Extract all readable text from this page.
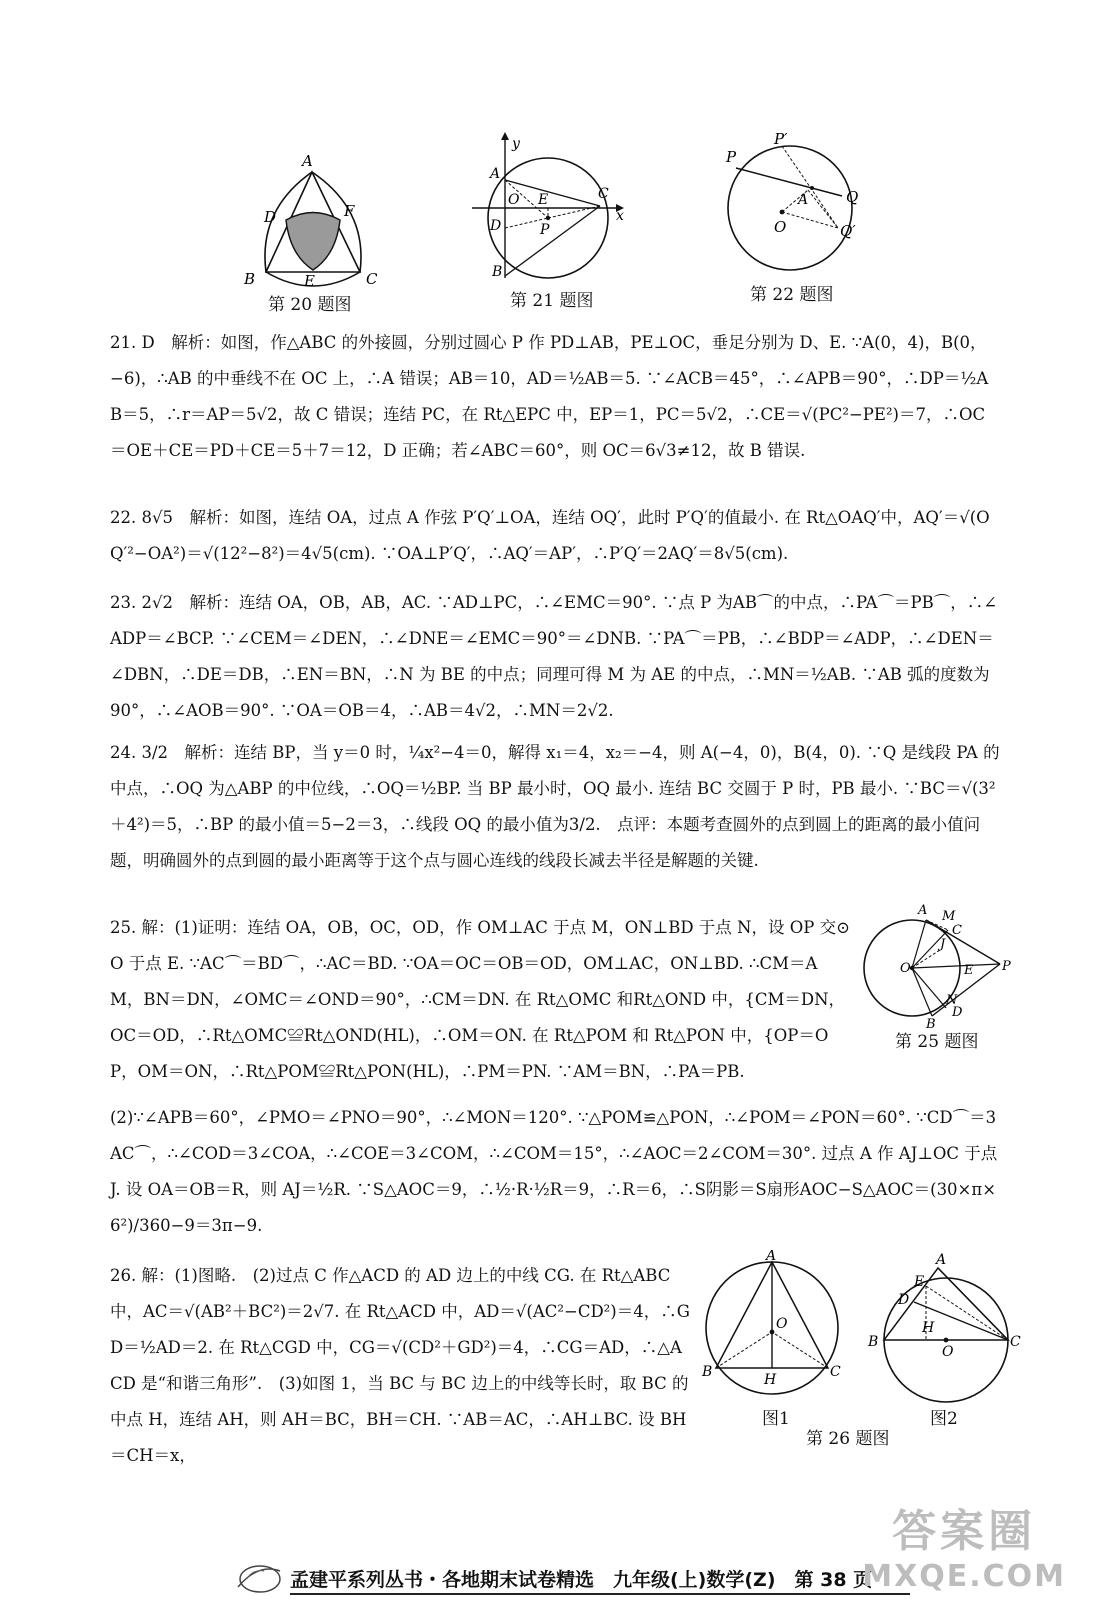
A
D	F
B	E	C
第 20 题图
y
A
O E	C
x
P
D
B
第 21 题图
P
P′
Q
A
O	Q′
第 22 题图
21. D　解析：如图，作△ABC 的外接圆，分别过圆心 P 作 PD⊥AB，PE⊥OC，垂足分别为 D、E. ∵A(0，4)，B(0，−6)，∴AB 的中垂线不在 OC 上，∴A 错误；AB＝10，AD＝½AB＝5. ∵∠ACB＝45°，∴∠APB＝90°，∴DP＝½AB＝5，∴r＝AP＝5√2，故 C 错误；连结 PC，在 Rt△EPC 中，EP＝1，PC＝5√2，∴CE＝√(PC²−PE²)＝7，∴OC＝OE＋CE＝PD＋CE＝5＋7＝12，D 正确；若∠ABC＝60°，则 OC＝6√3≠12，故 B 错误.
22. 8√5　解析：如图，连结 OA，过点 A 作弦 P′Q′⊥OA，连结 OQ′，此时 P′Q′的值最小. 在 Rt△OAQ′中，AQ′＝√(OQ′²−OA²)＝√(12²−8²)＝4√5(cm). ∵OA⊥P′Q′，∴AQ′＝AP′，∴P′Q′＝2AQ′＝8√5(cm).
23. 2√2　解析：连结 OA，OB，AB，AC. ∵AD⊥PC，∴∠EMC＝90°. ∵点 P 为AB⌒的中点，∴PA⌒＝PB⌒，∴∠ADP＝∠BCP. ∵∠CEM＝∠DEN，∴∠DNE＝∠EMC＝90°＝∠DNB. ∵PA⌒＝PB，∴∠BDP＝∠ADP，∴∠DEN＝∠DBN，∴DE＝DB，∴EN＝BN，∴N 为 BE 的中点；同理可得 M 为 AE 的中点，∴MN＝½AB. ∵AB 弧的度数为 90°，∴∠AOB＝90°. ∵OA＝OB＝4，∴AB＝4√2，∴MN＝2√2.
24. 3/2　解析：连结 BP，当 y＝0 时，¼x²−4＝0，解得 x₁＝4，x₂＝−4，则 A(−4，0)，B(4，0). ∵Q 是线段 PA 的中点，∴OQ 为△ABP 的中位线，∴OQ＝½BP. 当 BP 最小时，OQ 最小. 连结 BC 交圆于 P 时，PB 最小. ∵BC＝√(3²＋4²)＝5，∴BP 的最小值＝5−2＝3，∴线段 OQ 的最小值为3/2.　点评：本题考查圆外的点到圆上的距离的最小值问题，明确圆外的点到圆的最小距离等于这个点与圆心连线的线段长减去半径是解题的关键.
A M
C
J
O	E P
N
D
B
第 25 题图
25. 解：(1)证明：连结 OA，OB，OC，OD，作 OM⊥AC 于点 M，ON⊥BD 于点 N，设 OP 交⊙O 于点 E. ∵AC⌒＝BD⌒，∴AC＝BD. ∵OA＝OC＝OB＝OD，OM⊥AC，ON⊥BD. ∴CM＝AM，BN＝DN，∠OMC＝∠OND＝90°，∴CM＝DN. 在 Rt△OMC 和Rt△OND 中，{CM＝DN，OC＝OD，∴Rt△OMC≌Rt△OND(HL)，∴OM＝ON. 在 Rt△POM 和 Rt△PON 中，{OP＝OP，OM＝ON，∴Rt△POM≌Rt△PON(HL)，∴PM＝PN. ∵AM＝BN，∴PA＝PB.
(2)∵∠APB＝60°，∠PMO＝∠PNO＝90°，∴∠MON＝120°. ∵△POM≌△PON，∴∠POM＝∠PON＝60°. ∵CD⌒＝3AC⌒，∴∠COD＝3∠COA，∴∠COE＝3∠COM，∴∠COM＝15°，∴∠AOC＝2∠COM＝30°. 过点 A 作 AJ⊥OC 于点 J. 设 OA＝OB＝R，则 AJ＝½R. ∵S△AOC＝9，∴½·R·½R＝9，∴R＝6，∴S阴影＝S扇形AOC−S△AOC＝(30×π×6²)/360−9＝3π−9.
A
O
B	H	C
图1
A
E
D
H
B
O
C
图2
第 26 题图
26. 解：(1)图略.　(2)过点 C 作△ACD 的 AD 边上的中线 CG. 在 Rt△ABC 中，AC＝√(AB²＋BC²)＝2√7. 在 Rt△ACD 中，AD＝√(AC²−CD²)＝4，∴GD＝½AD＝2. 在 Rt△CGD 中，CG＝√(CD²＋GD²)＝4，∴CG＝AD，∴△ACD 是“和谐三角形”.　(3)如图 1，当 BC 与 BC 边上的中线等长时，取 BC 的中点 H，连结 AH，则 AH＝BC，BH＝CH. ∵AB＝AC，∴AH⊥BC. 设 BH＝CH＝x，
孟建平系列丛书・各地期末试卷精选　九年级(上)数学(Z)　第 38 页
答案圈
MXQE.COM
